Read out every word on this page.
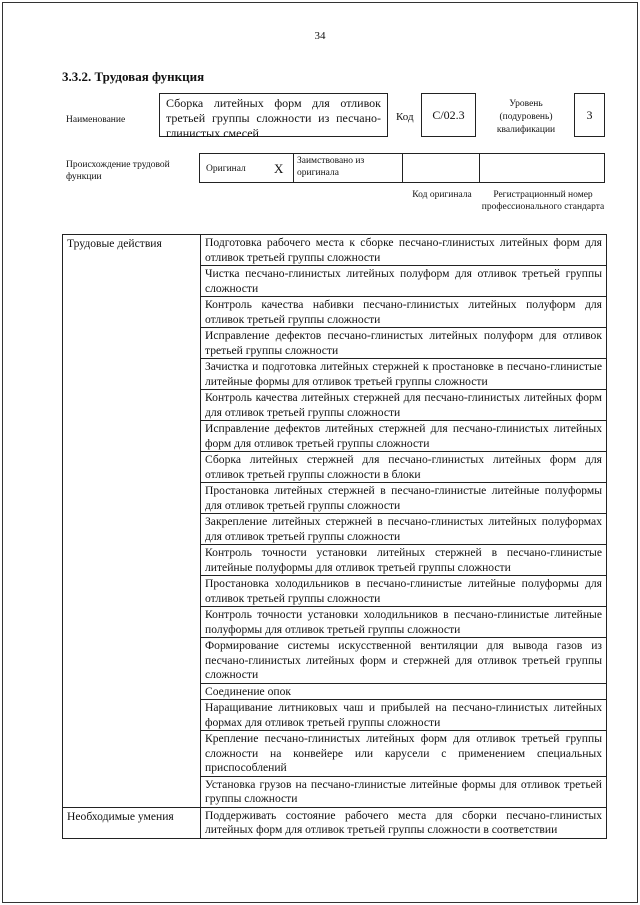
34
3.3.2. Трудовая функция
Наименование
Сборка литейных форм для отливок третьей группы сложности из песчано-глинистых смесей
Код	C/02.3
Уровень (подуровень) квалификации
3
Происхождение трудовой функции
Оригинал X Заимствовано из оригинала
Код оригинала	Регистрационный номер профессионального стандарта
Трудовые действия	Подготовка рабочего места к сборке песчано-глинистых литейных форм для отливок третьей группы сложности
	Чистка песчано-глинистых литейных полуформ для отливок третьей группы сложности
	Контроль качества набивки песчано-глинистых литейных полуформ для отливок третьей группы сложности
	Исправление дефектов песчано-глинистых литейных полуформ для отливок третьей группы сложности
	Зачистка и подготовка литейных стержней к простановке в песчано-глинистые литейные формы для отливок третьей группы сложности
	Контроль качества литейных стержней для песчано-глинистых литейных форм для отливок третьей группы сложности
	Исправление дефектов литейных стержней для песчано-глинистых литейных форм для отливок третьей группы сложности
	Сборка литейных стержней для песчано-глинистых литейных форм для отливок третьей группы сложности в блоки
	Простановка литейных стержней в песчано-глинистые литейные полуформы для отливок третьей группы сложности
	Закрепление литейных стержней в песчано-глинистых литейных полуформах для отливок третьей группы сложности
	Контроль точности установки литейных стержней в песчано-глинистые литейные полуформы для отливок третьей группы сложности
	Простановка холодильников в песчано-глинистые литейные полуформы для отливок третьей группы сложности
	Контроль точности установки холодильников в песчано-глинистые литейные полуформы для отливок третьей группы сложности
	Формирование системы искусственной вентиляции для вывода газов из песчано-глинистых литейных форм и стержней для отливок третьей группы сложности
	Соединение опок
	Наращивание литниковых чаш и прибылей на песчано-глинистых литейных формах для отливок третьей группы сложности
	Крепление песчано-глинистых литейных форм для отливок третьей группы сложности на конвейере или карусели с применением специальных приспособлений
	Установка грузов на песчано-глинистые литейные формы для отливок третьей группы сложности
Необходимые умения	Поддерживать состояние рабочего места для сборки песчано-глинистых литейных форм для отливок третьей группы сложности в соответствии
